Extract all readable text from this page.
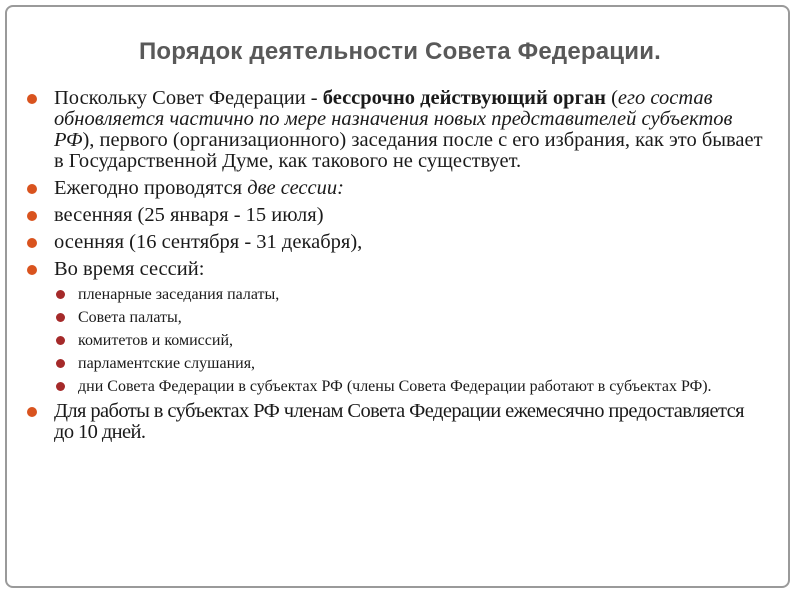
Порядок деятельности Совета Федерации.
Поскольку Совет Федерации - бессрочно действующий орган (его состав обновляется частично по мере назначения новых представителей субъектов РФ), первого (организационного) заседания после с его избрания, как это бывает в Государственной Думе, как такового не существует.
Ежегодно проводятся две сессии:
весенняя (25 января - 15 июля)
осенняя (16 сентября - 31 декабря),
Во время сессий:
пленарные заседания палаты,
Совета палаты,
комитетов и комиссий,
парламентские слушания,
дни Совета Федерации в субъектах РФ (члены Совета Федерации работают в субъектах РФ).
Для работы в субъектах РФ членам Совета Федерации ежемесячно предоставляется до 10 дней.
